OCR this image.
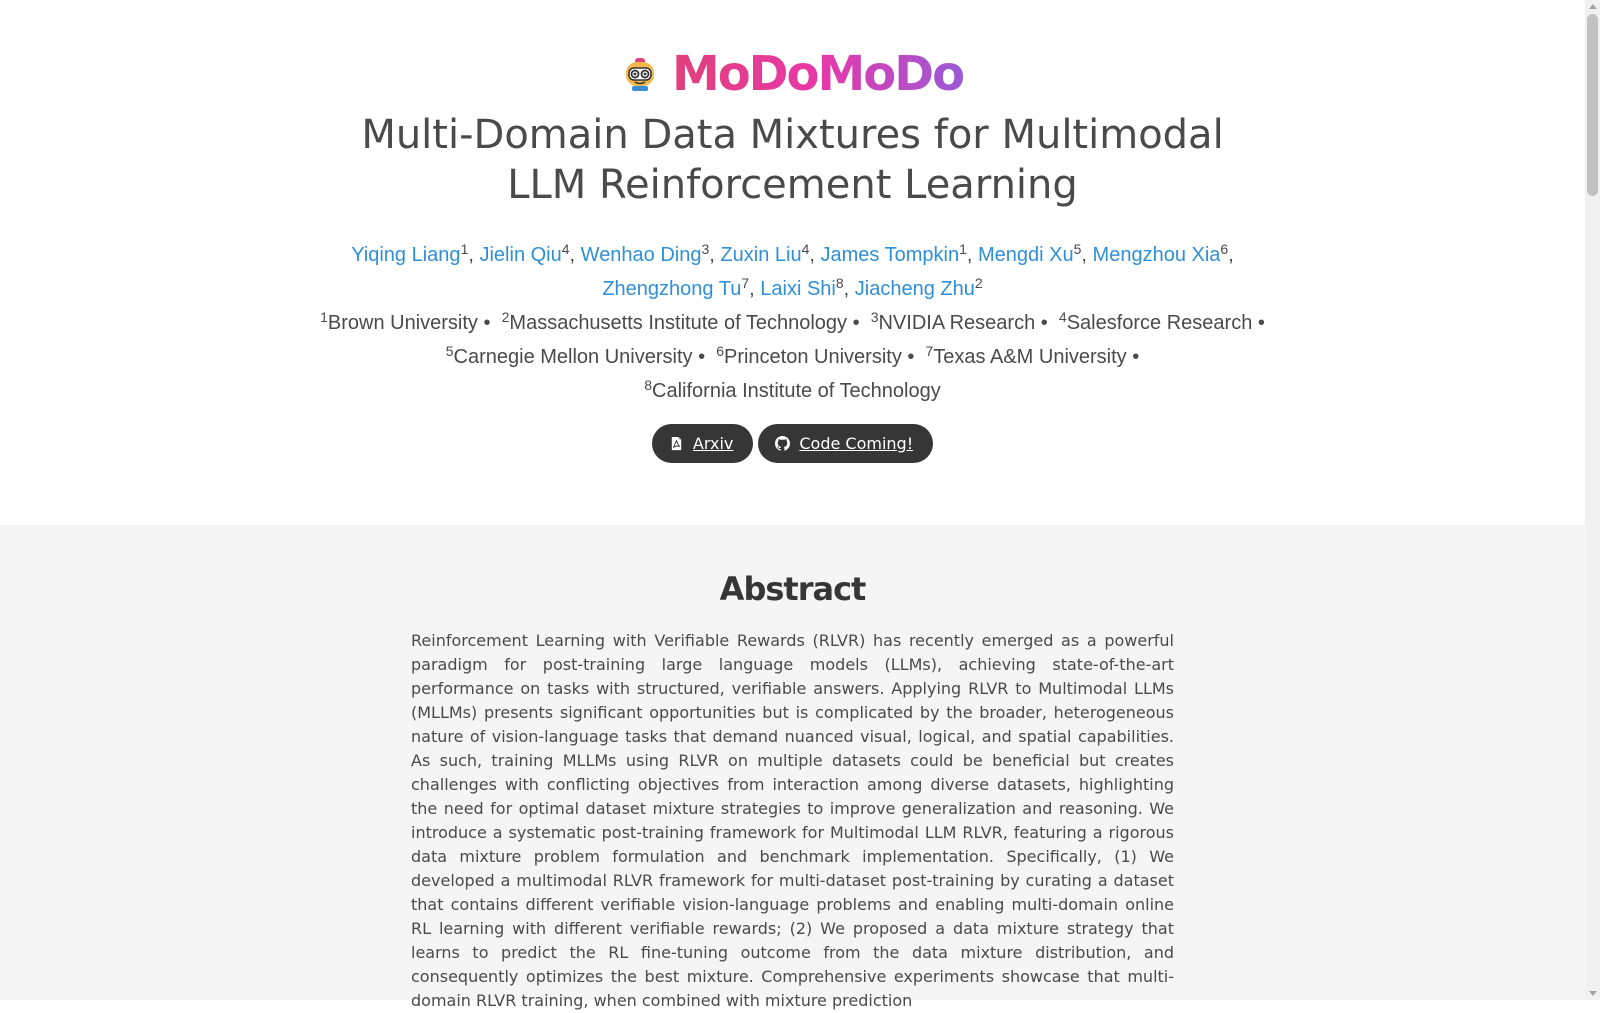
MoDoMoDo
Multi-Domain Data Mixtures for Multimodal LLM Reinforcement Learning
Yiqing Liang$^1$, Jielin Qiu$^4$, Wenhao Ding$^3$, Zuxin Liu$^4$, James Tompkin$^1$, Mengdi Xu$^5$, Mengzhou Xia$^6$,
Zhengzhong Tu$^7$, Laixi Shi$^8$, Jiacheng Zhu$^2$
$^1$Brown University •  $^2$Massachusetts Institute of Technology •  $^3$NVIDIA Research •  $^4$Salesforce Research •
$^5$Carnegie Mellon University •  $^6$Princeton University •  $^7$Texas A&M University •
$^8$California Institute of Technology
Arxiv	Code Coming!
Abstract

Reinforcement Learning with Verifiable Rewards (RLVR) has recently emerged as a powerful paradigm for post-training large language models (LLMs), achieving state-of-the-art performance on tasks with structured, verifiable answers. Applying RLVR to Multimodal LLMs (MLLMs) presents significant opportunities but is complicated by the broader, heterogeneous nature of vision-language tasks that demand nuanced visual, logical, and spatial capabilities. As such, training MLLMs using RLVR on multiple datasets could be beneficial but creates challenges with conflicting objectives from interaction among diverse datasets, highlighting the need for optimal dataset mixture strategies to improve generalization and reasoning. We introduce a systematic post-training framework for Multimodal LLM RLVR, featuring a rigorous data mixture problem formulation and benchmark implementation. Specifically, (1) We developed a multimodal RLVR framework for multi-dataset post-training by curating a dataset that contains different verifiable vision-language problems and enabling multi-domain online RL learning with different verifiable rewards; (2) We proposed a data mixture strategy that learns to predict the RL fine-tuning outcome from the data mixture distribution, and consequently optimizes the best mixture. Comprehensive experiments showcase that multi-domain RLVR training, when combined with mixture prediction
